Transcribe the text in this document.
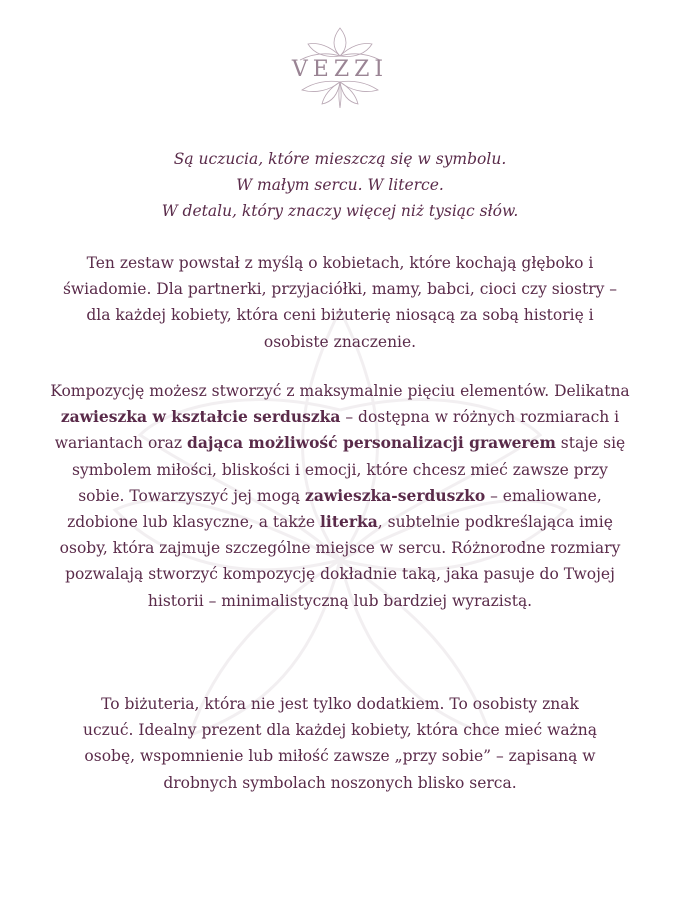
VEZZI
Są uczucia, które mieszczą się w symbolu.
W małym sercu. W literce.
W detalu, który znaczy więcej niż tysiąc słów.
Ten zestaw powstał z myślą o kobietach, które kochają głęboko i świadomie. Dla partnerki, przyjaciółki, mamy, babci, cioci czy siostry – dla każdej kobiety, która ceni biżuterię niosącą za sobą historię i osobiste znaczenie.
Kompozycję możesz stworzyć z maksymalnie pięciu elementów. Delikatna zawieszka w kształcie serduszka – dostępna w różnych rozmiarach i wariantach oraz dająca możliwość personalizacji grawerem staje się symbolem miłości, bliskości i emocji, które chcesz mieć zawsze przy sobie. Towarzyszyć jej mogą zawieszka-serduszko – emaliowane, zdobione lub klasyczne, a także literka, subtelnie podkreślająca imię osoby, która zajmuje szczególne miejsce w sercu. Różnorodne rozmiary pozwalają stworzyć kompozycję dokładnie taką, jaka pasuje do Twojej historii – minimalistyczną lub bardziej wyrazistą.
To biżuteria, która nie jest tylko dodatkiem. To osobisty znak uczuć. Idealny prezent dla każdej kobiety, która chce mieć ważną osobę, wspomnienie lub miłość zawsze „przy sobie” – zapisaną w drobnych symbolach noszonych blisko serca.
